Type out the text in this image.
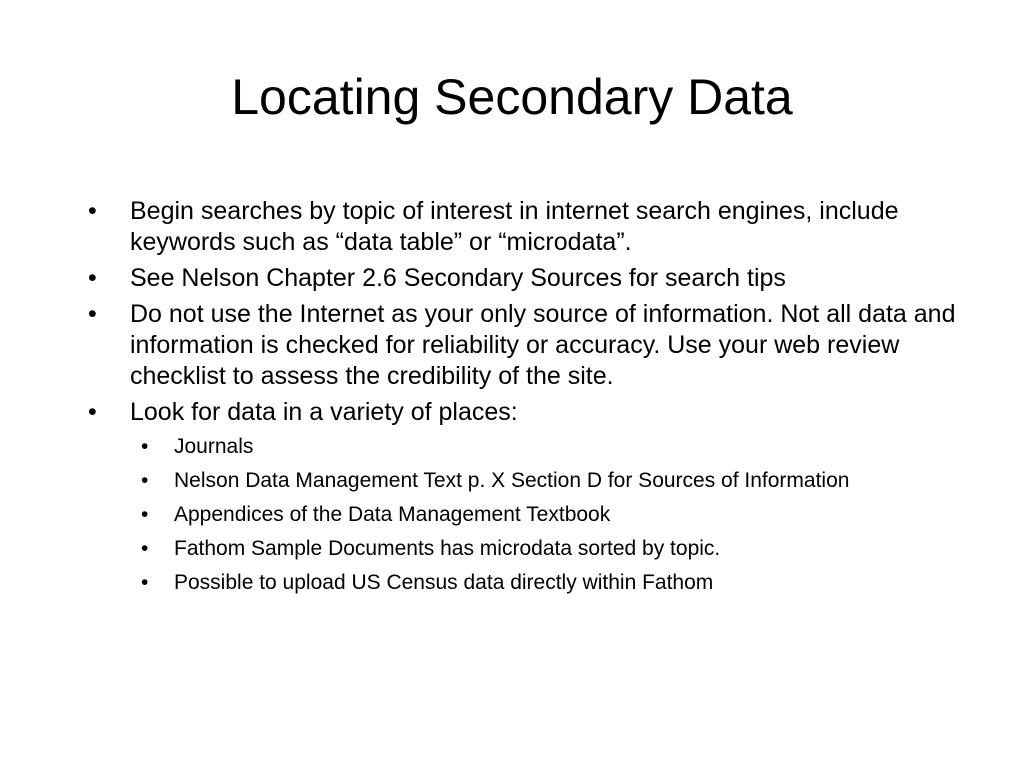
Locating Secondary Data
•	Begin searches by topic of interest in internet search engines, include keywords such as “data table” or “microdata”.
•	See Nelson Chapter 2.6 Secondary Sources for search tips
•	Do not use the Internet as your only source of information. Not all data and information is checked for reliability or accuracy. Use your web review checklist to assess the credibility of the site.
•	Look for data in a variety of places:
• Journals
• Nelson Data Management Text p. X Section D for Sources of Information
• Appendices of the Data Management Textbook
• Fathom Sample Documents has microdata sorted by topic.
• Possible to upload US Census data directly within Fathom
